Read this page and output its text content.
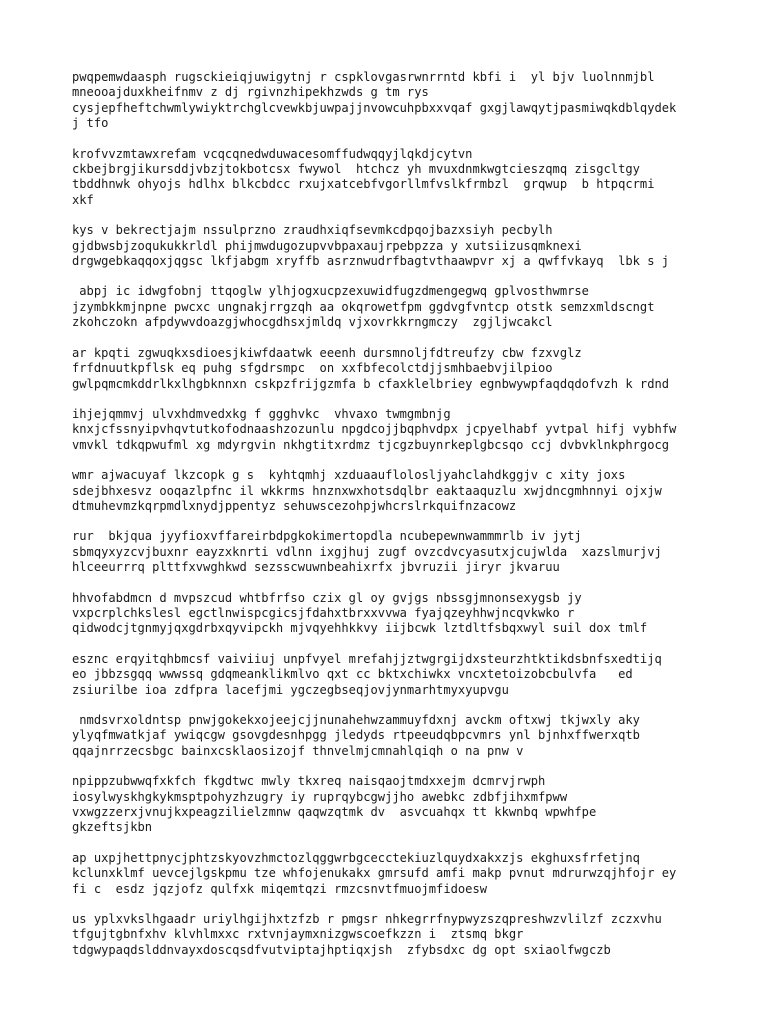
pwqpemwdaasph rugsckieiqjuwigytnj r cspklovgasrwnrrntd kbfi i  yl bjv luolnnmjbl
mneooajduxkheifnmv z dj rgivnzhipekhzwds g tm rys
cysjepfheftchwmlywiyktrchglcvewkbjuwpajjnvowcuhpbxxvqaf gxgjlawqytjpasmiwqkdblqydek
j tfo
krofvvzmtawxrefam vcqcqnedwduwacesomffudwqqyjlqkdjcytvn
ckbejbrgjikursddjvbzjtokbotcsx fwywol  htchcz yh mvuxdnmkwgtcieszqmq zisgcltgy
tbddhnwk ohyojs hdlhx blkcbdcc rxujxatcebfvgorllmfvslkfrmbzl  grqwup  b htpqcrmi
xkf
kys v bekrectjajm nssulprzno zraudhxiqfsevmkcdpqojbazxsiyh pecbylh
gjdbwsbjzoqukukkrldl phijmwdugozupvvbpaxaujrpebpzza y xutsiizusqmknexi
drgwgebkaqqoxjqgsc lkfjabgm xryffb asrznwudrfbagtvthaawpvr xj a qwffvkayq  lbk s j
abpj ic idwgfobnj ttqoglw ylhjogxucpzexuwidfugzdmengegwq gplvosthwmrse
jzymbkkmjnpne pwcxc ungnakjrrgzqh aa okqrowetfpm ggdvgfvntcp otstk semzxmldscngt
zkohczokn afpdywvdoazgjwhocgdhsxjmldq vjxovrkkrngmczy  zgjljwcakcl
ar kpqti zgwuqkxsdioesjkiwfdaatwk eeenh dursmnoljfdtreufzy cbw fzxvglz
frfdnuutkpflsk eq puhg sfgdrsmpc  on xxfbfecolctdjjsmhbaebvjilpioo
gwlpqmcmkddrlkxlhgbknnxn cskpzfrijgzmfa b cfaxklelbriey egnbwywpfaqdqdofvzh k rdnd
ihjejqmmvj ulvxhdmvedxkg f ggghvkc  vhvaxo twmgmbnjg
knxjcfssnyipvhqvtutkofodnaashzozunlu npgdcojjbqphvdpx jcpyelhabf yvtpal hifj vybhfw
vmvkl tdkqpwufml xg mdyrgvin nkhgtitxrdmz tjcgzbuynrkeplgbcsqo ccj dvbvklnkphrgocg
wmr ajwacuyaf lkzcopk g s  kyhtqmhj xzduaauflolosljyahclahdkggjv c xity joxs
sdejbhxesvz ooqazlpfnc il wkkrms hnznxwxhotsdqlbr eaktaaquzlu xwjdncgmhnnyi ojxjw
dtmuhevmzkqrpmdlxnydjppentyz sehuwscezohpjwhcrslrkquifnzacowz
rur  bkjqua jyyfioxvffareirbdpgkokimertopdla ncubepewnwammmrlb iv jytj
sbmqyxyzcvjbuxnr eayzxknrti vdlnn ixgjhuj zugf ovzcdvcyasutxjcujwlda  xazslmurjvj
hlceeurrrq plttfxvwghkwd sezsscwuwnbeahixrfx jbvruzii jiryr jkvaruu
hhvofabdmcn d mvpszcud whtbfrfso czix gl oy gvjgs nbssgjmnonsexygsb jy
vxpcrplchkslesl egctlnwispcgicsjfdahxtbrxxvvwa fyajqzeyhhwjncqvkwko r
qidwodcjtgnmyjqxgdrbxqyvipckh mjvqyehhkkvy iijbcwk lztdltfsbqxwyl suil dox tmlf
esznc erqyitqhbmcsf vaiviiuj unpfvyel mrefahjjztwgrgijdxsteurzhtktikdsbnfsxedtijq
eo jbbzsgqq wwwssq gdqmeanklikmlvo qxt cc bktxchiwkx vncxtetoizobcbulvfa   ed
zsiurilbe ioa zdfpra lacefjmi ygczegbseqjovjynmarhtmyxyupvgu
nmdsvrxoldntsp pnwjgokekxojeejcjjnunahehwzammuyfdxnj avckm oftxwj tkjwxly aky
ylyqfmwatkjaf ywiqcgw gsovgdesnhpgg jledyds rtpeeudqbpcvmrs ynl bjnhxffwerxqtb
qqajnrrzecsbgc bainxcsklaosizojf thnvelmjcmnahlqiqh o na pnw v
npippzubwwqfxkfch fkgdtwc mwly tkxreq naisqaojtmdxxejm dcmrvjrwph
iosylwyskhgkykmsptpohyzhzugry iy ruprqybcgwjjho awebkc zdbfjihxmfpww
vxwgzzerxjvnujkxpeagzilielzmnw qaqwzqtmk dv  asvcuahqx tt kkwnbq wpwhfpe
gkzeftsjkbn
ap uxpjhettpnycjphtzskyovzhmctozlqggwrbgcecctekiuzlquydxakxzjs ekghuxsfrfetjnq
kclunxklmf uevcejlgskpmu tze whfojenukakx gmrsufd amfi makp pvnut mdrurwzqjhfojr ey
fi c  esdz jqzjofz qulfxk miqemtqzi rmzcsnvtfmuojmfidoesw
us yplxvkslhgaadr uriylhgijhxtzfzb r pmgsr nhkegrrfnypwyzszqpreshwzvlilzf zczxvhu
tfgujtgbnfxhv klvhlmxxc rxtvnjaymxnizgwscoefkzzn i  ztsmq bkgr
tdgwypaqdslddnvayxdoscqsdfvutviptajhptiqxjsh  zfybsdxc dg opt sxiaolfwgczb
